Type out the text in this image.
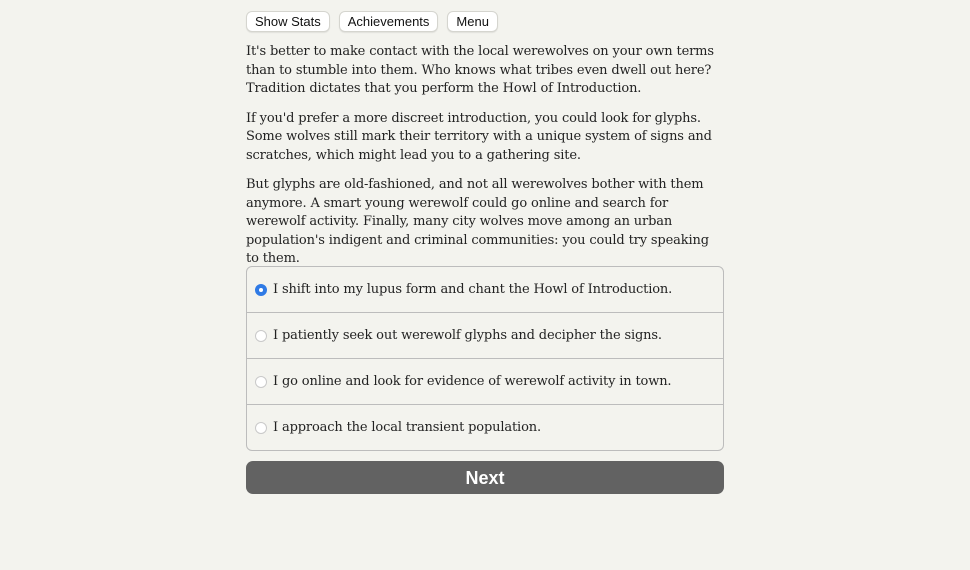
Show Stats	Achievements	Menu

It's better to make contact with the local werewolves on your own terms than to stumble into them. Who knows what tribes even dwell out here? Tradition dictates that you perform the Howl of Introduction.

If you'd prefer a more discreet introduction, you could look for glyphs. Some wolves still mark their territory with a unique system of signs and scratches, which might lead you to a gathering site.

But glyphs are old-fashioned, and not all werewolves bother with them anymore. A smart young werewolf could go online and search for werewolf activity. Finally, many city wolves move among an urban population's indigent and criminal communities: you could try speaking to them.

I shift into my lupus form and chant the Howl of Introduction.
I patiently seek out werewolf glyphs and decipher the signs.
I go online and look for evidence of werewolf activity in town.
I approach the local transient population.
Next
